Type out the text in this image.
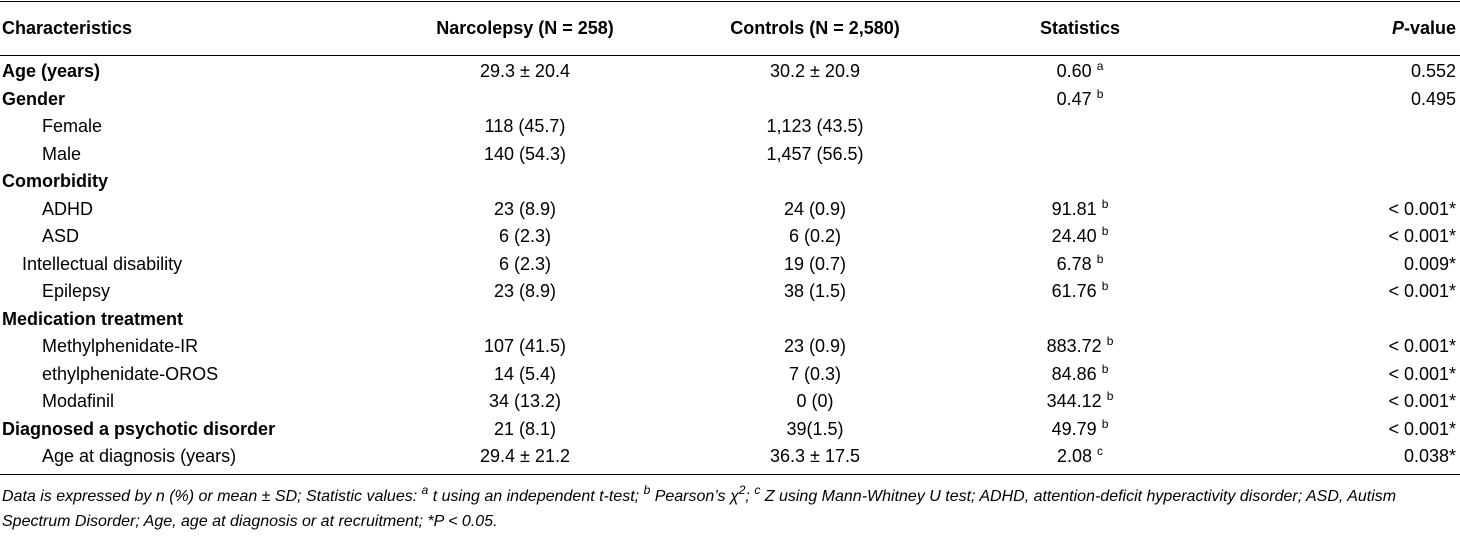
Characteristics	Narcolepsy (N = 258)	Controls (N = 2,580)	Statistics	P-value

Age (years)	29.3 ± 20.4	30.2 ± 20.9	0.60 $^a$	0.552
Gender			0.47 $^b$	0.495
Female	118 (45.7)	1,123 (43.5)		
Male	140 (54.3)	1,457 (56.5)		
Comorbidity				
ADHD	23 (8.9)	24 (0.9)	91.81 $^b$	< 0.001*
ASD	6 (2.3)	6 (0.2)	24.40 $^b$	< 0.001*
Intellectual disability	6 (2.3)	19 (0.7)	6.78 $^b$	0.009*
Epilepsy	23 (8.9)	38 (1.5)	61.76 $^b$	< 0.001*
Medication treatment				
Methylphenidate-IR	107 (41.5)	23 (0.9)	883.72 $^b$	< 0.001*
ethylphenidate-OROS	14 (5.4)	7 (0.3)	84.86 $^b$	< 0.001*
Modafinil	34 (13.2)	0 (0)	344.12 $^b$	< 0.001*
Diagnosed a psychotic disorder	21 (8.1)	39(1.5)	49.79 $^b$	< 0.001*
Age at diagnosis (years)	29.4 ± 21.2	36.3 ± 17.5	2.08 $^c$	0.038*
Data is expressed by n (%) or mean ± SD; Statistic values: $^a$ t using an independent t-test; $^b$ Pearson’s $\chi^2$; $^c$ Z using Mann-Whitney U test; ADHD, attention-deficit hyperactivity disorder; ASD, Autism Spectrum Disorder; Age, age at diagnosis or at recruitment; *P < 0.05.
